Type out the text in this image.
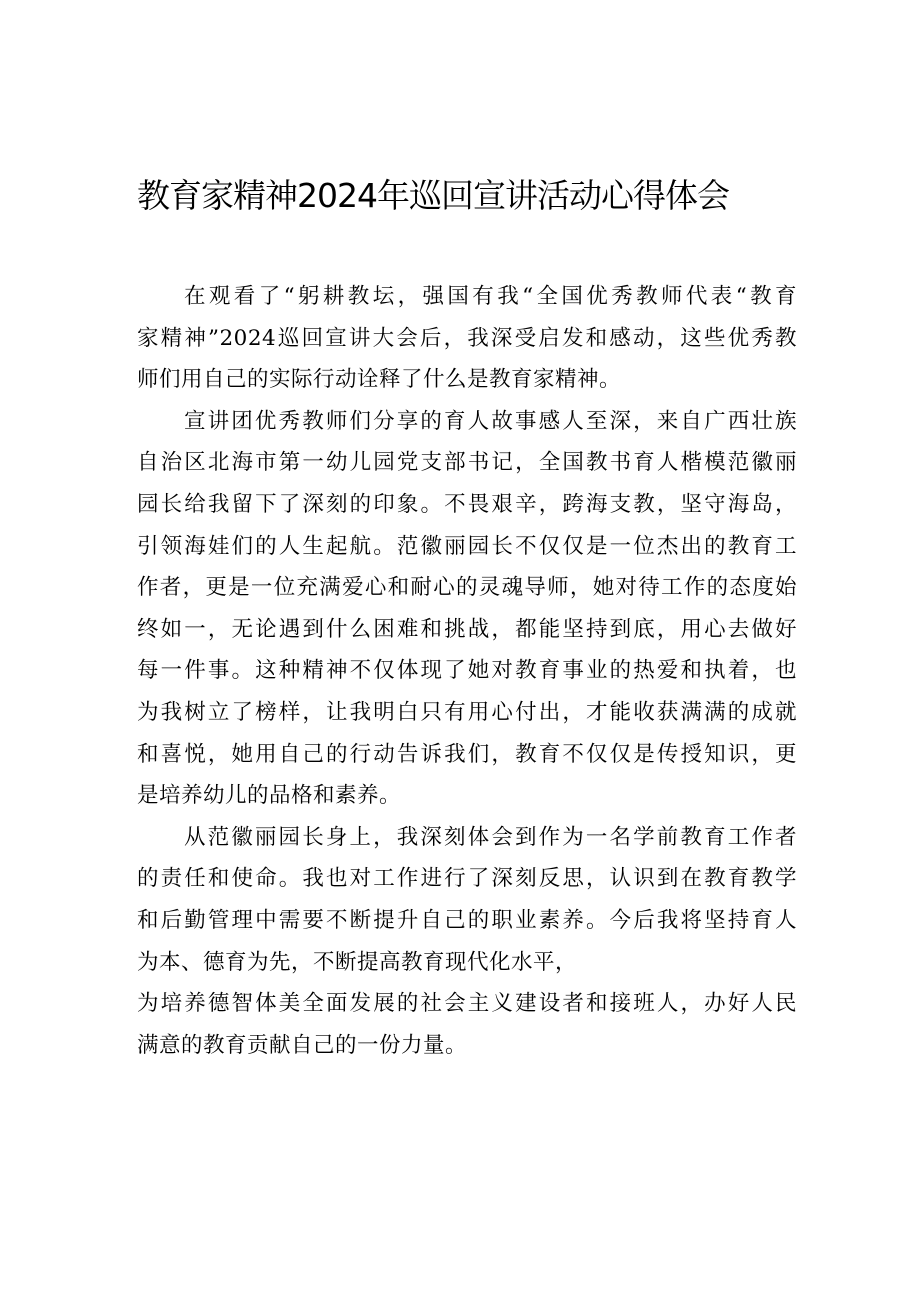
教育家精神2024年巡回宣讲活动心得体会
在观看了“躬耕教坛，强国有我“全国优秀教师代表“教育
家精神”2024巡回宣讲大会后，我深受启发和感动，这些优秀教
师们用自己的实际行动诠释了什么是教育家精神。
宣讲团优秀教师们分享的育人故事感人至深，来自广西壮族
自治区北海市第一幼儿园党支部书记，全国教书育人楷模范徽丽
园长给我留下了深刻的印象。不畏艰辛，跨海支教，坚守海岛，
引领海娃们的人生起航。范徽丽园长不仅仅是一位杰出的教育工
作者，更是一位充满爱心和耐心的灵魂导师，她对待工作的态度始
终如一，无论遇到什么困难和挑战，都能坚持到底，用心去做好
每一件事。这种精神不仅体现了她对教育事业的热爱和执着，也
为我树立了榜样，让我明白只有用心付出，才能收获满满的成就
和喜悦，她用自己的行动告诉我们，教育不仅仅是传授知识，更
是培养幼儿的品格和素养。
从范徽丽园长身上，我深刻体会到作为一名学前教育工作者
的责任和使命。我也对工作进行了深刻反思，认识到在教育教学
和后勤管理中需要不断提升自己的职业素养。今后我将坚持育人
为本、德育为先，不断提高教育现代化水平，
为培养德智体美全面发展的社会主义建设者和接班人，办好人民
满意的教育贡献自己的一份力量。
